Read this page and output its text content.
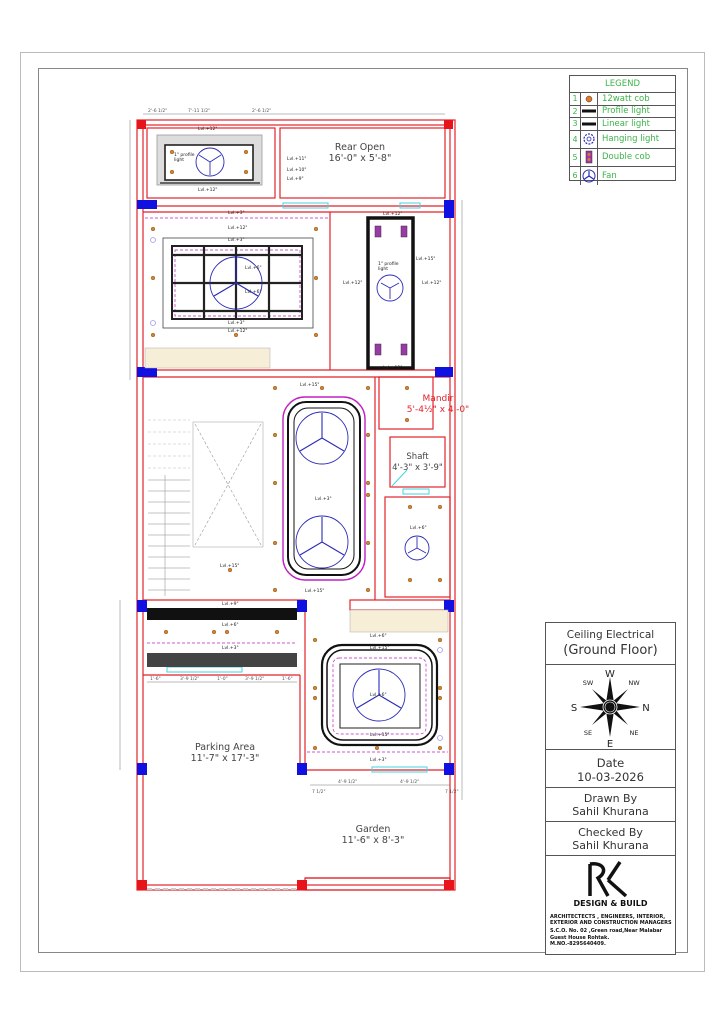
2'-6 1/2"	7'-11 1/2"	2'-6 1/2"
1'-6"	3'-9 1/2"	1'-0"	3'-9 1/2"	1'-6"
7 1/2"
4'-9 1/2"	4'-9 1/2"
7 1/2"
Rear Open
16'-0" x 5'-8"
Mandir
5'-4½" x 4'-0"
Shaft
4'-3" x 3'-9"
Parking Area
11'-7" x 17'-3"
Garden
11'-6" x 8'-3"
Lvl.+12"
Lvl.+12"
Lvl.+11"
Lvl.+10"
Lvl.+9"
1" profile light
Lvl.+3"
Lvl.+12"
Lvl.+3"
Lvl.+6"
Lvl.+6"
Lvl.+3"
Lvl.+12"
Lvl.+12"
1" profile light
Lvl.+15"
Lvl.+12"	Lvl.+12"
Lvl.+12"
Lvl.+15"
Lvl.+3"
Lvl.+6"
Lvl.+15"
Lvl.+15"
Lvl.+9"
Lvl.+6"
Lvl.+3"
Lvl.+6"
Lvl.+15"
Lvl.+6"
Lvl.+15"
Lvl.+3"
LEGEND
1	12watt cob
2	Profile light
3	Linear light
4	Hanging light
5	Double cob
6	Fan
Ceiling Electrical
(Ground Floor)
W
E
S	N
SW	NW
SE	NE
Date
10-03-2026
Drawn By
Sahil Khurana
Checked By
Sahil Khurana
DESIGN & BUILD
ARCHITECTECTS , ENGINEERS, INTERIOR,
EXTERIOR AND CONSTRUCTION MANAGERS
S.C.O. No. 02 ,Green road,Near Malabar
Guest House Rohtak.
M.NO.-8295640409.
